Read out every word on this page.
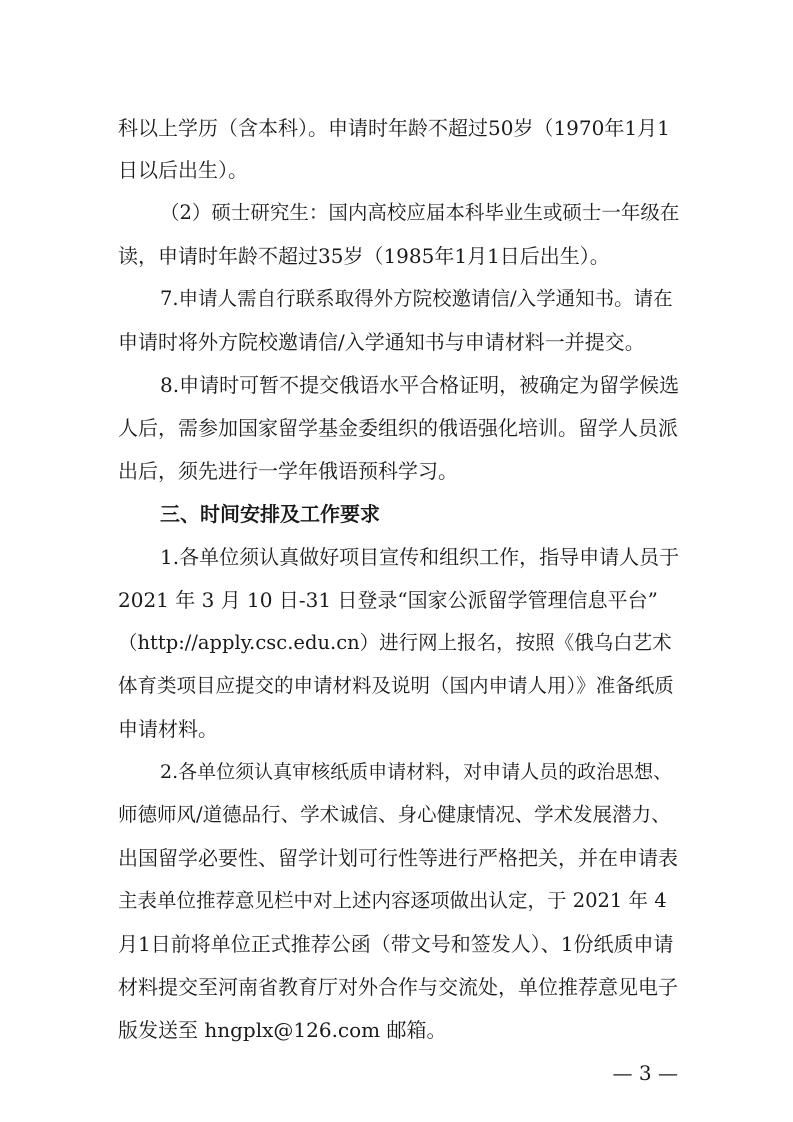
科以上学历（含本科）。申请时年龄不超过50岁（1970年1月1
日以后出生）。
（2）硕士研究生：国内高校应届本科毕业生或硕士一年级在
读，申请时年龄不超过35岁（1985年1月1日后出生）。
7.申请人需自行联系取得外方院校邀请信/入学通知书。请在
申请时将外方院校邀请信/入学通知书与申请材料一并提交。
8.申请时可暂不提交俄语水平合格证明，被确定为留学候选
人后，需参加国家留学基金委组织的俄语强化培训。留学人员派
出后，须先进行一学年俄语预科学习。
三、时间安排及工作要求
1.各单位须认真做好项目宣传和组织工作，指导申请人员于
2021 年 3 月 10 日-31 日登录“国家公派留学管理信息平台”
（http://apply.csc.edu.cn）进行网上报名，按照《俄乌白艺术
体育类项目应提交的申请材料及说明（国内申请人用）》准备纸质
申请材料。
2.各单位须认真审核纸质申请材料，对申请人员的政治思想、
师德师风/道德品行、学术诚信、身心健康情况、学术发展潜力、
出国留学必要性、留学计划可行性等进行严格把关，并在申请表
主表单位推荐意见栏中对上述内容逐项做出认定，于 2021 年 4
月1日前将单位正式推荐公函（带文号和签发人）、1份纸质申请
材料提交至河南省教育厅对外合作与交流处，单位推荐意见电子
版发送至 hngplx@126.com 邮箱。
— 3 —
